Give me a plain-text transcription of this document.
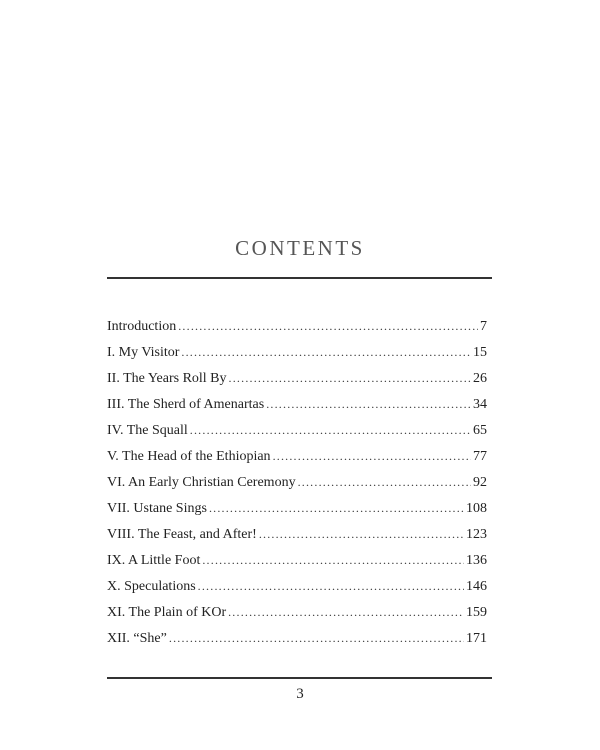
CONTENTS
Introduction .....	7
I. My Visitor .....	15
II. The Years Roll By .....	26
III. The Sherd of Amenartas .....	34
IV. The Squall .....	65
V. The Head of the Ethiopian .....	77
VI. An Early Christian Ceremony .....	92
VII. Ustane Sings .....	108
VIII. The Feast, and After! .....	123
IX. A Little Foot .....	136
X. Speculations .....	146
XI. The Plain of KOr .....	159
XII. “She” .....	171
3
